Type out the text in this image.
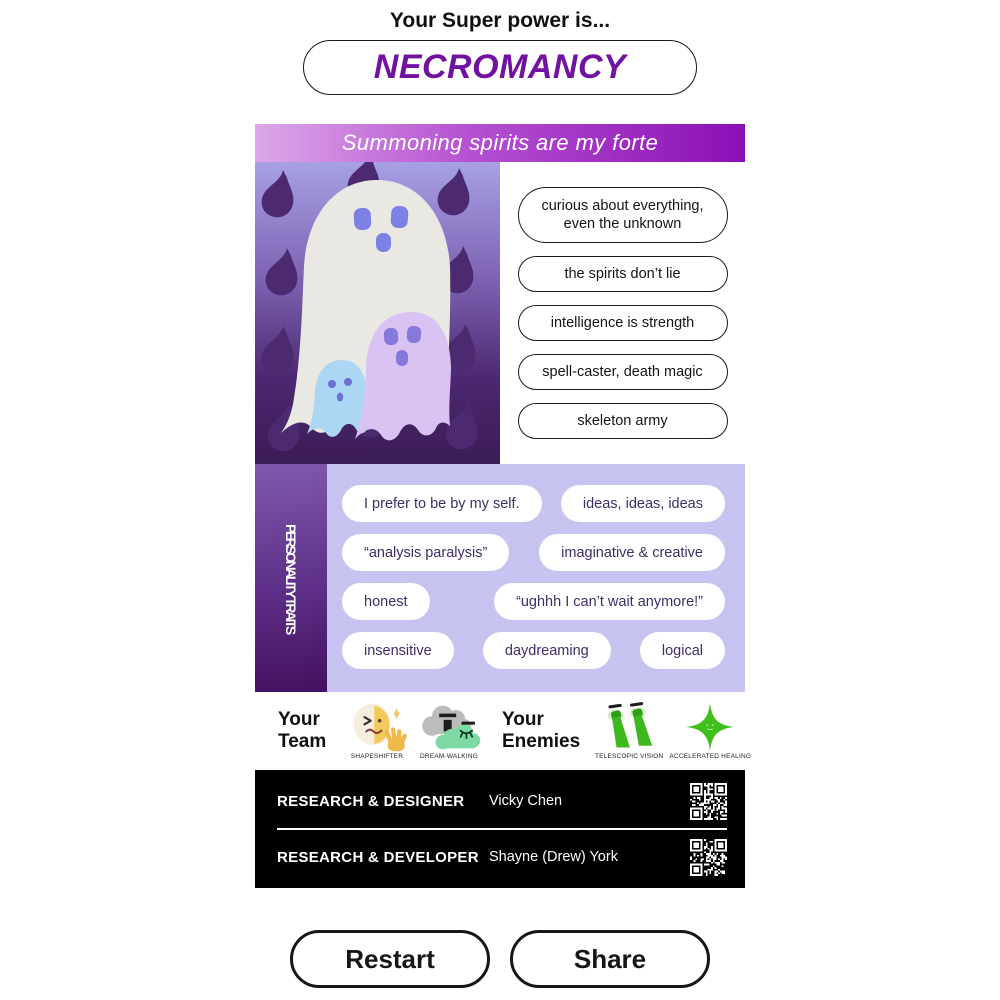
Your Super power is...
NECROMANCY
Summoning spirits are my forte
curious about everything, even the unknown
the spirits don’t lie
intelligence is strength
spell-caster, death magic
skeleton army
PERSONALITY TRAITS
I prefer to be by my self.	ideas, ideas, ideas
“analysis paralysis”	imaginative & creative
honest	“ughhh I can’t wait anymore!”
insensitive	daydreaming	logical
Your Team
SHAPESHIFTER	DREAM-WALKING
Your Enemies
TELESCOPIC VISION ACCELERATED HEALING
RESEARCH & DESIGNER	Vicky Chen
RESEARCH & DEVELOPER Shayne (Drew) York
Restart	Share
